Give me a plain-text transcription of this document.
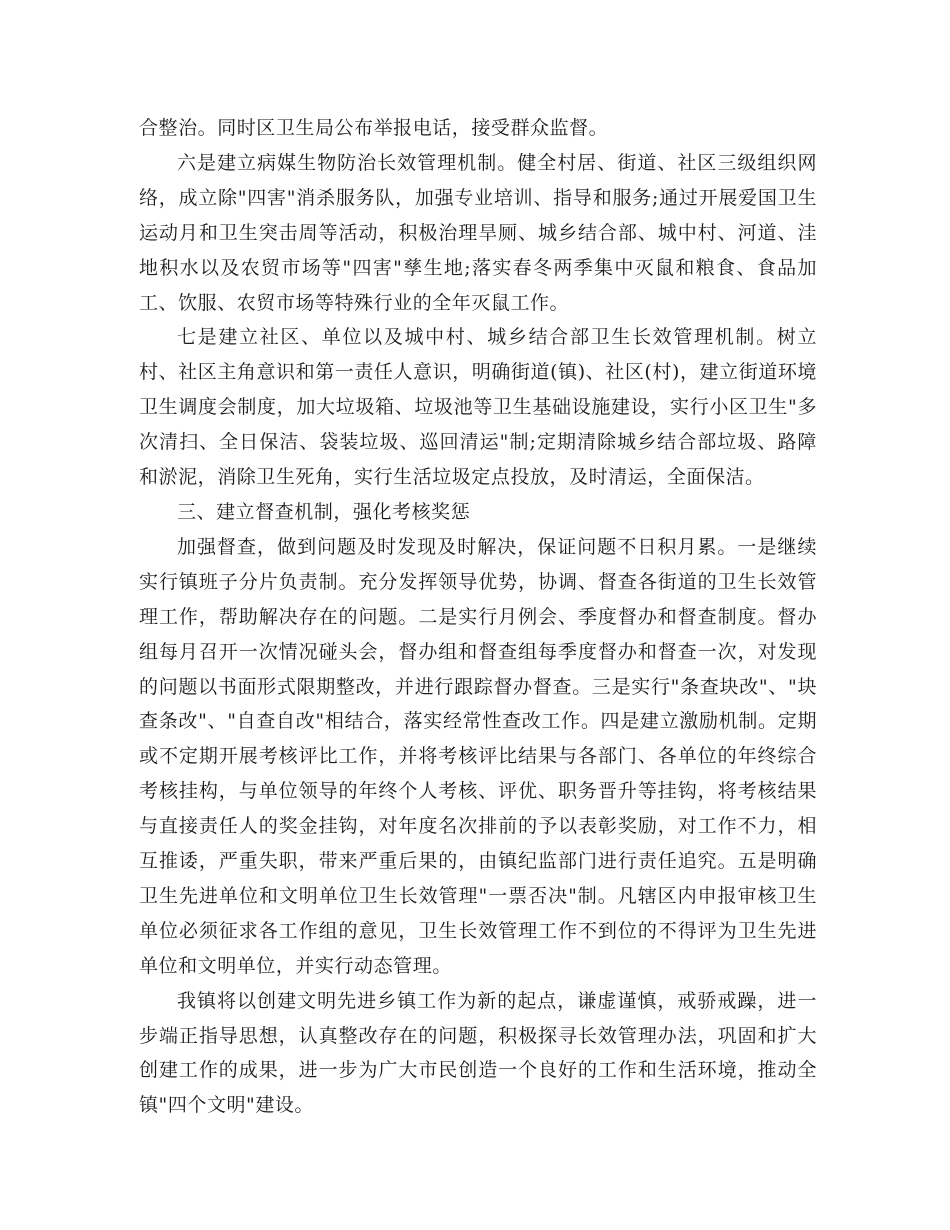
合整治。同时区卫生局公布举报电话，接受群众监督。

六是建立病媒生物防治长效管理机制。健全村居、街道、社区三级组织网络，成立除"四害"消杀服务队，加强专业培训、指导和服务;通过开展爱国卫生运动月和卫生突击周等活动，积极治理旱厕、城乡结合部、城中村、河道、洼地积水以及农贸市场等"四害"孳生地;落实春冬两季集中灭鼠和粮食、食品加工、饮服、农贸市场等特殊行业的全年灭鼠工作。

七是建立社区、单位以及城中村、城乡结合部卫生长效管理机制。树立村、社区主角意识和第一责任人意识，明确街道(镇)、社区(村)，建立街道环境卫生调度会制度，加大垃圾箱、垃圾池等卫生基础设施建设，实行小区卫生"多次清扫、全日保洁、袋装垃圾、巡回清运"制;定期清除城乡结合部垃圾、路障和淤泥，消除卫生死角，实行生活垃圾定点投放，及时清运，全面保洁。

三、建立督查机制，强化考核奖惩

加强督查，做到问题及时发现及时解决，保证问题不日积月累。一是继续实行镇班子分片负责制。充分发挥领导优势，协调、督查各街道的卫生长效管理工作，帮助解决存在的问题。二是实行月例会、季度督办和督查制度。督办组每月召开一次情况碰头会，督办组和督查组每季度督办和督查一次，对发现的问题以书面形式限期整改，并进行跟踪督办督查。三是实行"条查块改"、"块查条改"、"自查自改"相结合，落实经常性查改工作。四是建立激励机制。定期或不定期开展考核评比工作，并将考核评比结果与各部门、各单位的年终综合考核挂构，与单位领导的年终个人考核、评优、职务晋升等挂钩，将考核结果与直接责任人的奖金挂钩，对年度名次排前的予以表彰奖励，对工作不力，相互推诿，严重失职，带来严重后果的，由镇纪监部门进行责任追究。五是明确卫生先进单位和文明单位卫生长效管理"一票否决"制。凡辖区内申报审核卫生单位必须征求各工作组的意见，卫生长效管理工作不到位的不得评为卫生先进单位和文明单位，并实行动态管理。

我镇将以创建文明先进乡镇工作为新的起点，谦虚谨慎，戒骄戒躁，进一步端正指导思想，认真整改存在的问题，积极探寻长效管理办法，巩固和扩大创建工作的成果，进一步为广大市民创造一个良好的工作和生活环境，推动全镇"四个文明"建设。
